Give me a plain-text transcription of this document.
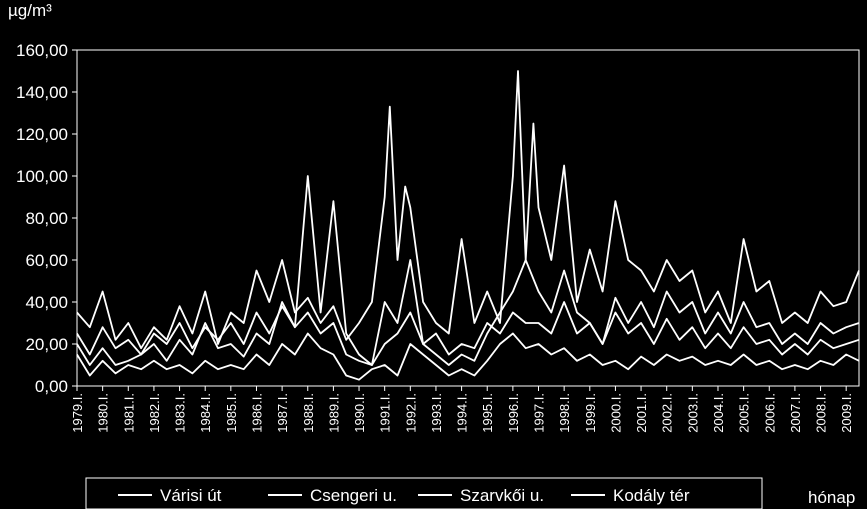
µg/m³
0,00
20,00
40,00
60,00
80,00
100,00
120,00
140,00
160,00
1979.I. 1980.I. 1981.I. 1982.I. 1983.I. 1984.I. 1985.I. 1986.I. 1987.I. 1988.I. 1989.I. 1990.I. 1991.I. 1992.I. 1993.I. 1994.I. 1995.I. 1996.I. 1997.I. 1998.I. 1999.I. 2000.I. 2001.I. 2002.I. 2003.I. 2004.I. 2005.I. 2006.I. 2007.I. 2008.I. 2009.I.
Várisi út	Csengeri u.	Szarvkői u.	Kodály tér	hónap
